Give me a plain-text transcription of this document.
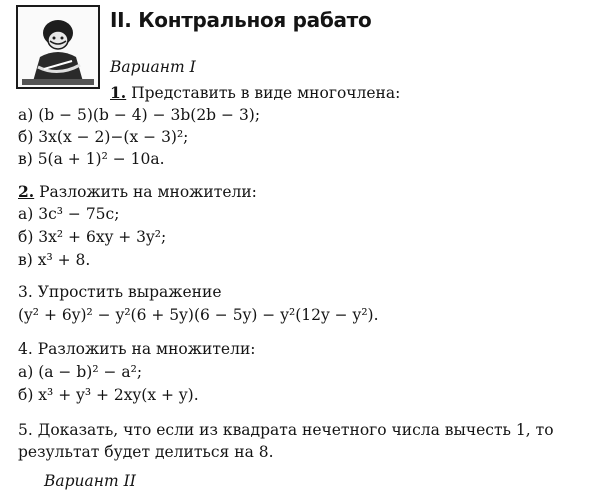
II. Контральноя рабато
Вариант I
1. Представить в виде многочлена:
а) (b − 5)(b − 4) − 3b(2b − 3);
б) 3x(x − 2)−(x − 3)²;
в) 5(a + 1)² − 10a.
2. Разложить на множители:
а) 3c³ − 75c;
б) 3x² + 6xy + 3y²;
в) x³ + 8.
3. Упростить выражение
(y² + 6y)² − y²(6 + 5y)(6 − 5y) − y²(12y − y²).
4. Разложить на множители:
а) (a − b)² − a²;
б) x³ + y³ + 2xy(x + y).
5. Доказать, что если из квадрата нечетного числа вычесть 1, то
результат будет делиться на 8.
Вариант II
